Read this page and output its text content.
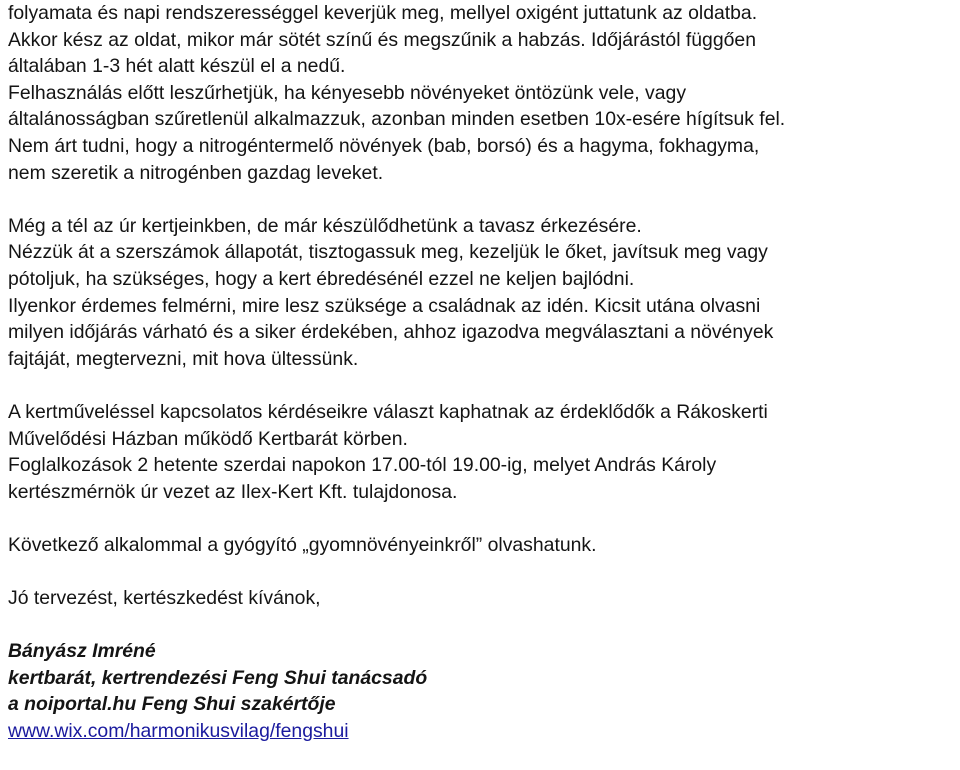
folyamata és napi rendszerességgel keverjük meg, mellyel oxigént juttatunk az oldatba.
Akkor kész az oldat, mikor már sötét színű és megszűnik a habzás. Időjárástól függően
általában 1-3 hét alatt készül el a nedű.
Felhasználás előtt leszűrhetjük, ha kényesebb növényeket öntözünk vele, vagy
általánosságban szűretlenül alkalmazzuk, azonban minden esetben 10x-esére hígítsuk fel.
Nem árt tudni, hogy a nitrogéntermelő növények (bab, borsó) és a hagyma, fokhagyma,
nem szeretik a nitrogénben gazdag leveket.
Még a tél az úr kertjeinkben, de már készülődhetünk a tavasz érkezésére.
Nézzük át a szerszámok állapotát, tisztogassuk meg, kezeljük le őket, javítsuk meg vagy
pótoljuk, ha szükséges, hogy a kert ébredésénél ezzel ne keljen bajlódni.
Ilyenkor érdemes felmérni, mire lesz szüksége a családnak az idén. Kicsit utána olvasni
milyen időjárás várható és a siker érdekében, ahhoz igazodva megválasztani a növények
fajtáját, megtervezni, mit hova ültessünk.
A kertműveléssel kapcsolatos kérdéseikre választ kaphatnak az érdeklődők a Rákoskerti
Művelődési Házban működő Kertbarát körben.
Foglalkozások 2 hetente szerdai napokon 17.00-tól 19.00-ig, melyet András Károly
kertészmérnök úr vezet az Ilex-Kert Kft. tulajdonosa.
Következő alkalommal a gyógyító „gyomnövényeinkről” olvashatunk.
Jó tervezést, kertészkedést kívánok,
Bányász Imréné
kertbarát, kertrendezési Feng Shui tanácsadó
a noiportal.hu Feng Shui szakértője
www.wix.com/harmonikusvilag/fengshui
